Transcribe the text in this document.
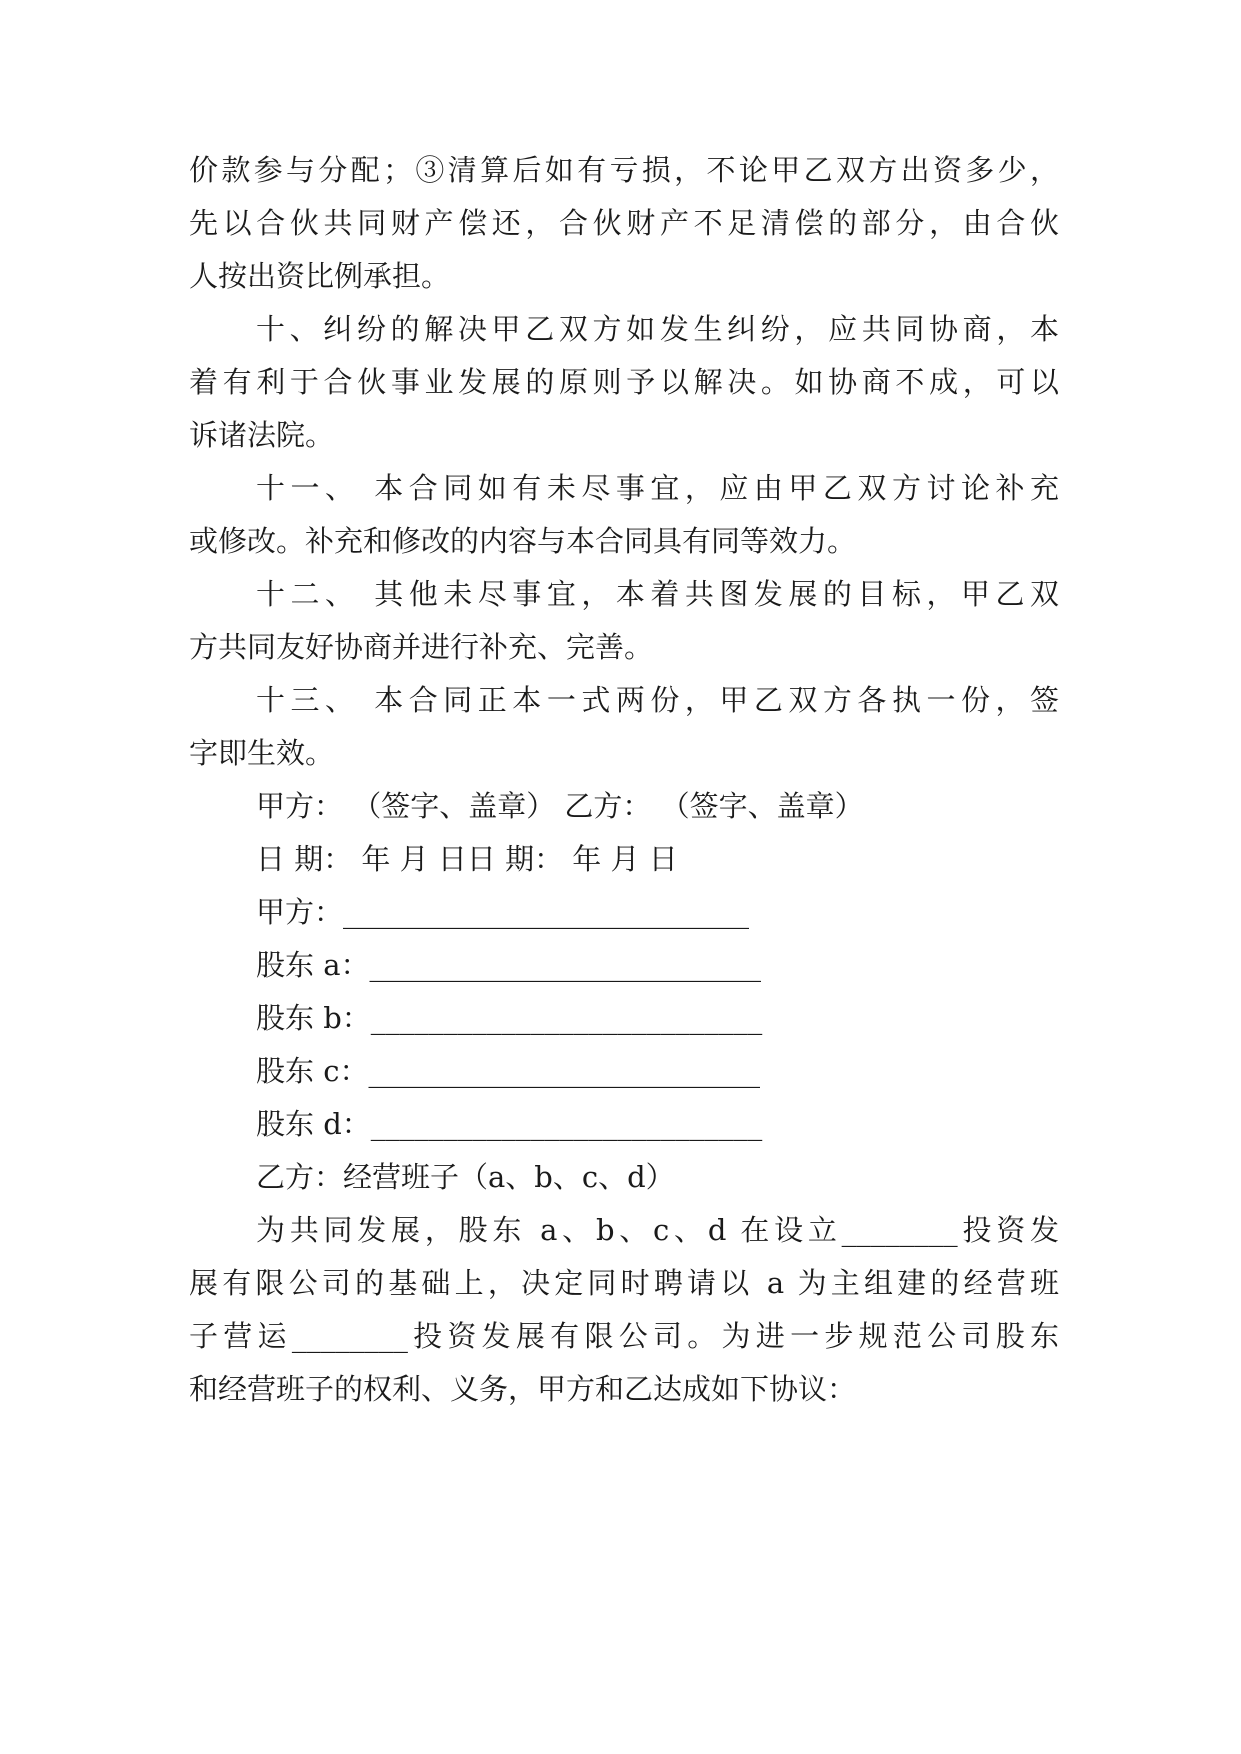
价款参与分配；③清算后如有亏损，不论甲乙双方出资多少，
先以合伙共同财产偿还，合伙财产不足清偿的部分，由合伙
人按出资比例承担。
十、纠纷的解决甲乙双方如发生纠纷，应共同协商，本
着有利于合伙事业发展的原则予以解决。如协商不成，可以
诉诸法院。
十一、 本合同如有未尽事宜，应由甲乙双方讨论补充
或修改。补充和修改的内容与本合同具有同等效力。
十二、 其他未尽事宜，本着共图发展的目标，甲乙双
方共同友好协商并进行补充、完善。
十三、 本合同正本一式两份，甲乙双方各执一份，签
字即生效。
甲方： （签字、盖章） 乙方： （签字、盖章）
日 期： 年 月 日日 期： 年 月 日
甲方：____________________________
股东 a：___________________________
股东 b：___________________________
股东 c：___________________________
股东 d：___________________________
乙方：经营班子（a、b、c、d）
为共同发展，股东 a、b、c、d 在设立________投资发
展有限公司的基础上，决定同时聘请以 a 为主组建的经营班
子营运________投资发展有限公司。为进一步规范公司股东
和经营班子的权利、义务，甲方和乙达成如下协议：
